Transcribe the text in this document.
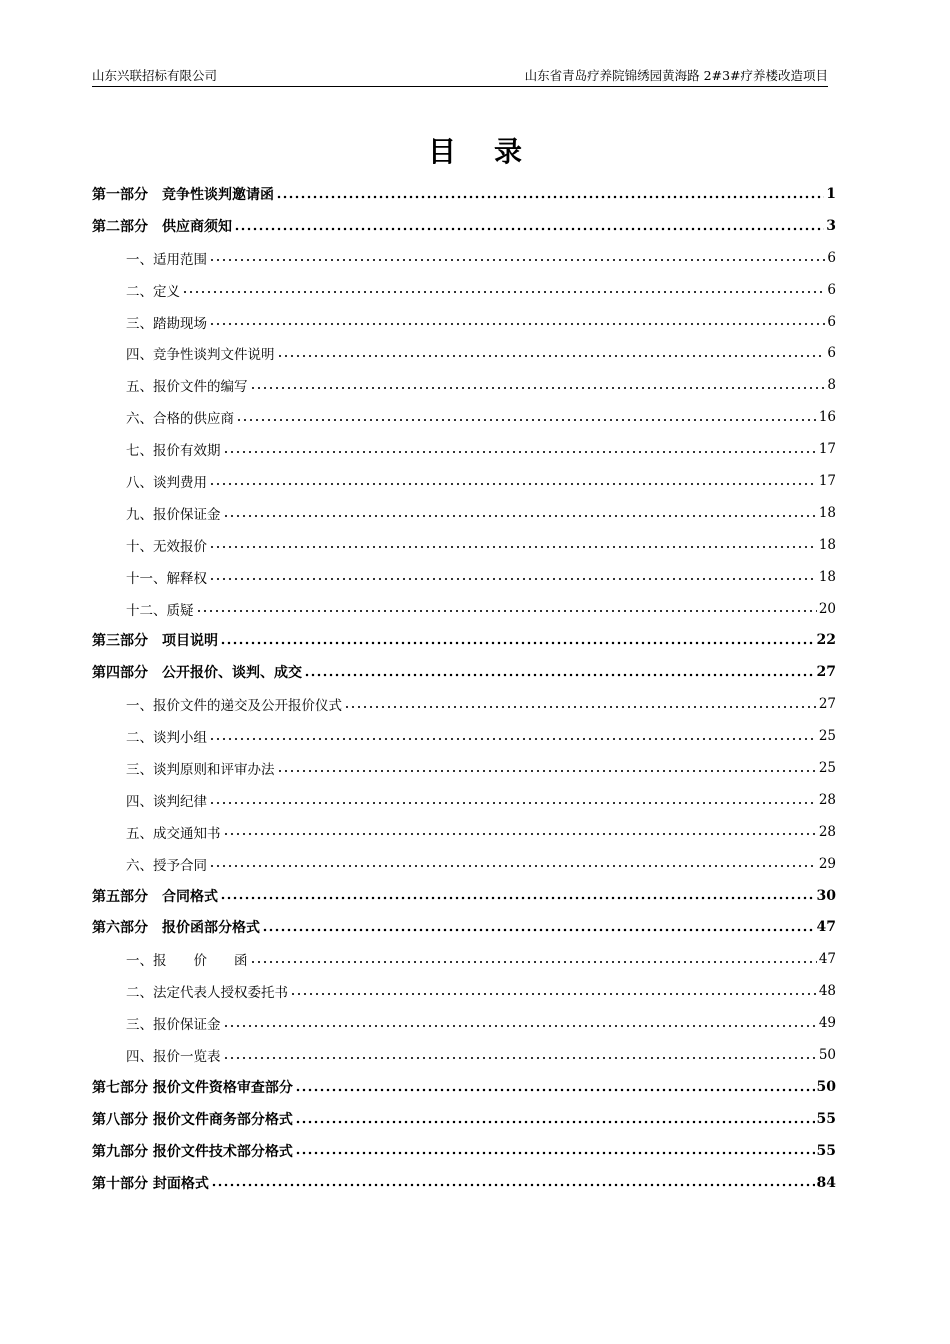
山东兴联招标有限公司	山东省青岛疗养院锦绣园黄海路 2#3#疗养楼改造项目
目录
第一部分　竞争性谈判邀请函	1
第二部分　供应商须知	3
一、适用范围	6
二、定义	6
三、踏勘现场	6
四、竞争性谈判文件说明	6
五、报价文件的编写	8
六、合格的供应商	16
七、报价有效期	17
八、谈判费用	17
九、报价保证金	18
十、无效报价	18
十一、解释权	18
十二、质疑	20
第三部分　项目说明	22
第四部分　公开报价、谈判、成交	27
一、报价文件的递交及公开报价仪式	27
二、谈判小组	25
三、谈判原则和评审办法	25
四、谈判纪律	28
五、成交通知书	28
六、授予合同	29
第五部分　合同格式	30
第六部分　报价函部分格式	47
一、报　　价　　函	47
二、法定代表人授权委托书	48
三、报价保证金	49
四、报价一览表	50
第七部分 报价文件资格审查部分	50
第八部分 报价文件商务部分格式	55
第九部分 报价文件技术部分格式	55
第十部分 封面格式	84
